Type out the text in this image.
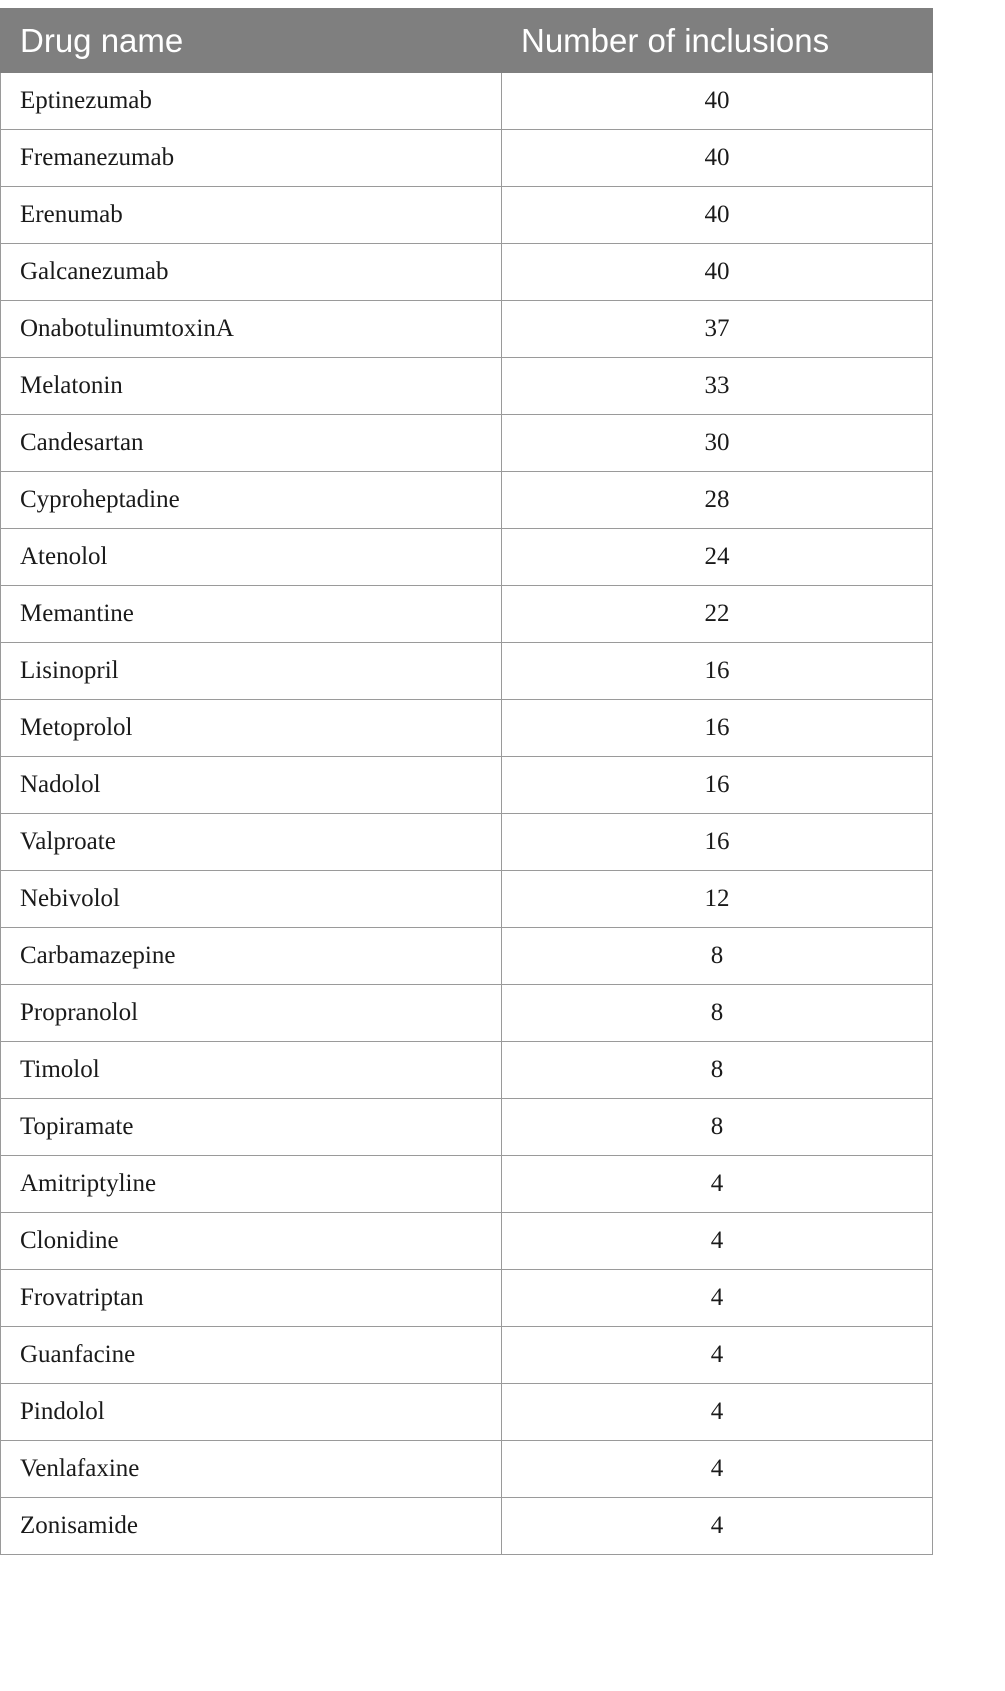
Drug name	Number of inclusions
Eptinezumab	40
Fremanezumab	40
Erenumab	40
Galcanezumab	40
OnabotulinumtoxinA	37
Melatonin	33
Candesartan	30
Cyproheptadine	28
Atenolol	24
Memantine	22
Lisinopril	16
Metoprolol	16
Nadolol	16
Valproate	16
Nebivolol	12
Carbamazepine	8
Propranolol	8
Timolol	8
Topiramate	8
Amitriptyline	4
Clonidine	4
Frovatriptan	4
Guanfacine	4
Pindolol	4
Venlafaxine	4
Zonisamide	4
